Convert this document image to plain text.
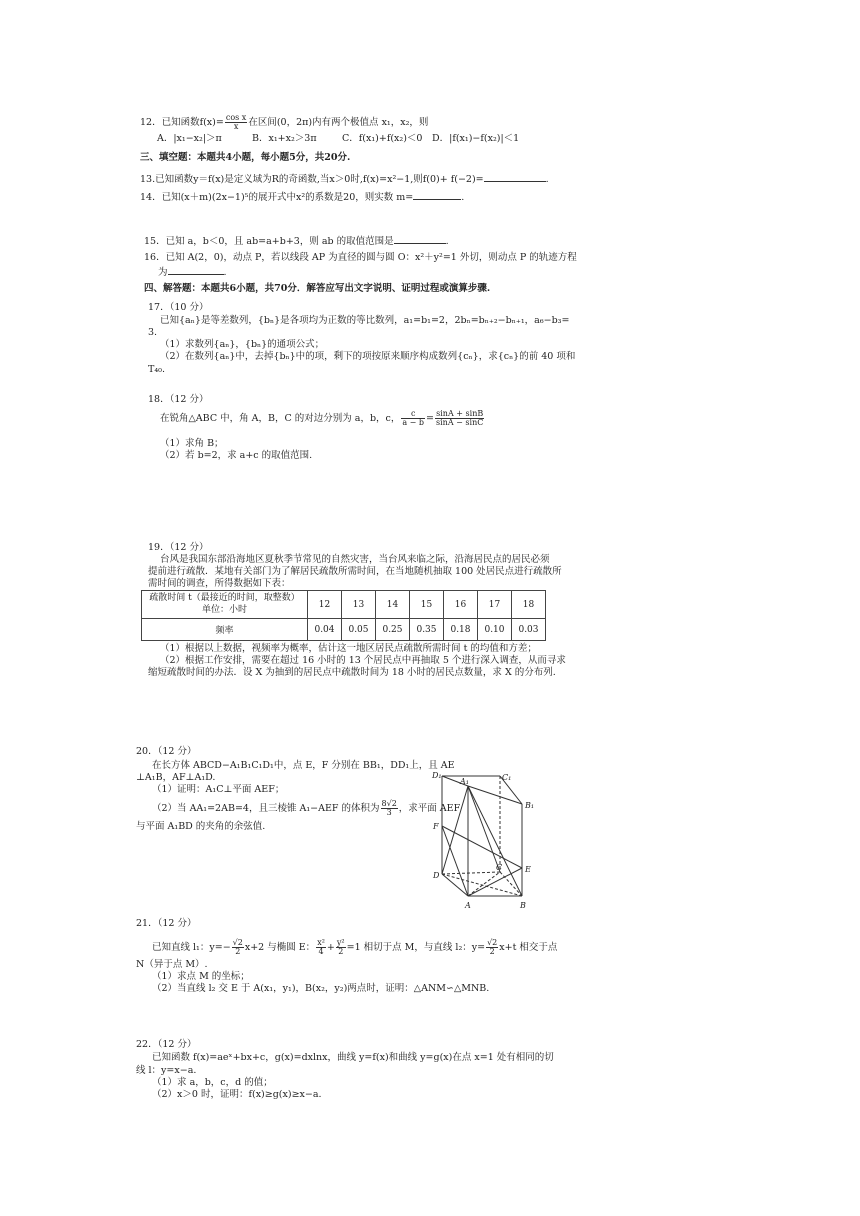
12．已知函数$f(x)= \frac{\text{cos x}}{x}$ 在区间(0，2π)内有两个极值点 x₁，x₂，则
A．|x₁−x₂|＞π	B．x₁+x₂＞3π	C．f(x₁)+f(x₂)＜0 D．|f(x₁)−f(x₂)|＜1
三、填空题：本题共4小题，每小题5分，共20分.
13.已知函数y＝f(x)是定义域为R的奇函数,当x＞0时,f(x)=x²−1,则f(0)+ f(−2)=	.
14．已知(x＋m)(2x−1)⁵的展开式中x²的系数是20，则实数 m=	.
15．已知 a，b＜0，且 ab=a+b+3，则 ab 的取值范围是	.
16．已知 A(2，0)，动点 P，若以线段 AP 为直径的圆与圆 O：x²＋y²=1 外切，则动点 P 的轨迹方程
为	.
四、解答题：本题共6小题，共70分．解答应写出文字说明、证明过程或演算步骤.
17．（10 分）
已知{aₙ}是等差数列，{bₙ}是各项均为正数的等比数列，a₁=b₁=2，2bₙ=bₙ₊₂−bₙ₊₁，a₆−b₃=
3.
（1）求数列{aₙ}，{bₙ}的通项公式；
（2）在数列{aₙ}中，去掉{bₙ}中的项，剩下的项按原来顺序构成数列{cₙ}，求{cₙ}的前 40 项和
T₄₀.
18．（12 分）
在锐角△ABC 中，角 A，B，C 的对边分别为 a，b，c， $\frac{c}{a - b} = \frac{\sin A + \sin B}{\sin A - \sin C}$
（1）求角 B；
（2）若 b=2，求 a+c 的取值范围.
19．（12 分）
台风是我国东部沿海地区夏秋季节常见的自然灾害，当台风来临之际，沿海居民点的居民必须
提前进行疏散．某地有关部门为了解居民疏散所需时间，在当地随机抽取 100 处居民点进行疏散所
需时间的调查，所得数据如下表：
疏散时间 t（最接近的时间，取整数）
单位：小时	12	13	14	15	16	17	18
频率	0.04	0.05	0.25	0.35	0.18	0.10	0.03
（1）根据以上数据，视频率为概率，估计这一地区居民点疏散所需时间 t 的均值和方差；
（2）根据工作安排，需要在超过 16 小时的 13 个居民点中再抽取 5 个进行深入调查，从而寻求
缩短疏散时间的办法．设 X 为抽到的居民点中疏散时间为 18 小时的居民点数量，求 X 的分布列.
20．（12 分）
在长方体 ABCD−A₁B₁C₁D₁中，点 E，F 分别在 BB₁，DD₁上，且 AE
⊥A₁B，AF⊥A₁D.
（1）证明：A₁C⊥平面 AEF；
（2）当 AA₁=2AB=4，且三棱锥 A₁−AEF 的体积为 $\frac{8√2}{3}$ ，求平面 AEF
与平面 A₁BD 的夹角的余弦值.
D₁	C₁
A₁
B₁
F
C	E
D
A	B
21．（12 分）
已知直线 l₁：$y=- \frac{√2}{2} x+2$ 与椭圆 E： $\frac{\text{x²}}{4} + \frac{\text{y²}}{2} =1$ 相切于点 M，与直线 l₂：$y= \frac{√2}{2} x+t$ 相交于点
N（异于点 M）.
（1）求点 M 的坐标；
（2）当直线 l₂ 交 E 于 A(x₁，y₁)，B(x₂，y₂)两点时，证明：△ANM∽△MNB.
22．（12 分）
已知函数 f(x)=aeˣ+bx+c，g(x)=dxlnx，曲线 y=f(x)和曲线 y=g(x)在点 x=1 处有相同的切
线 l：y=x−a.
（1）求 a，b，c，d 的值；
（2）x＞0 时，证明：f(x)≥g(x)≥x−a.
